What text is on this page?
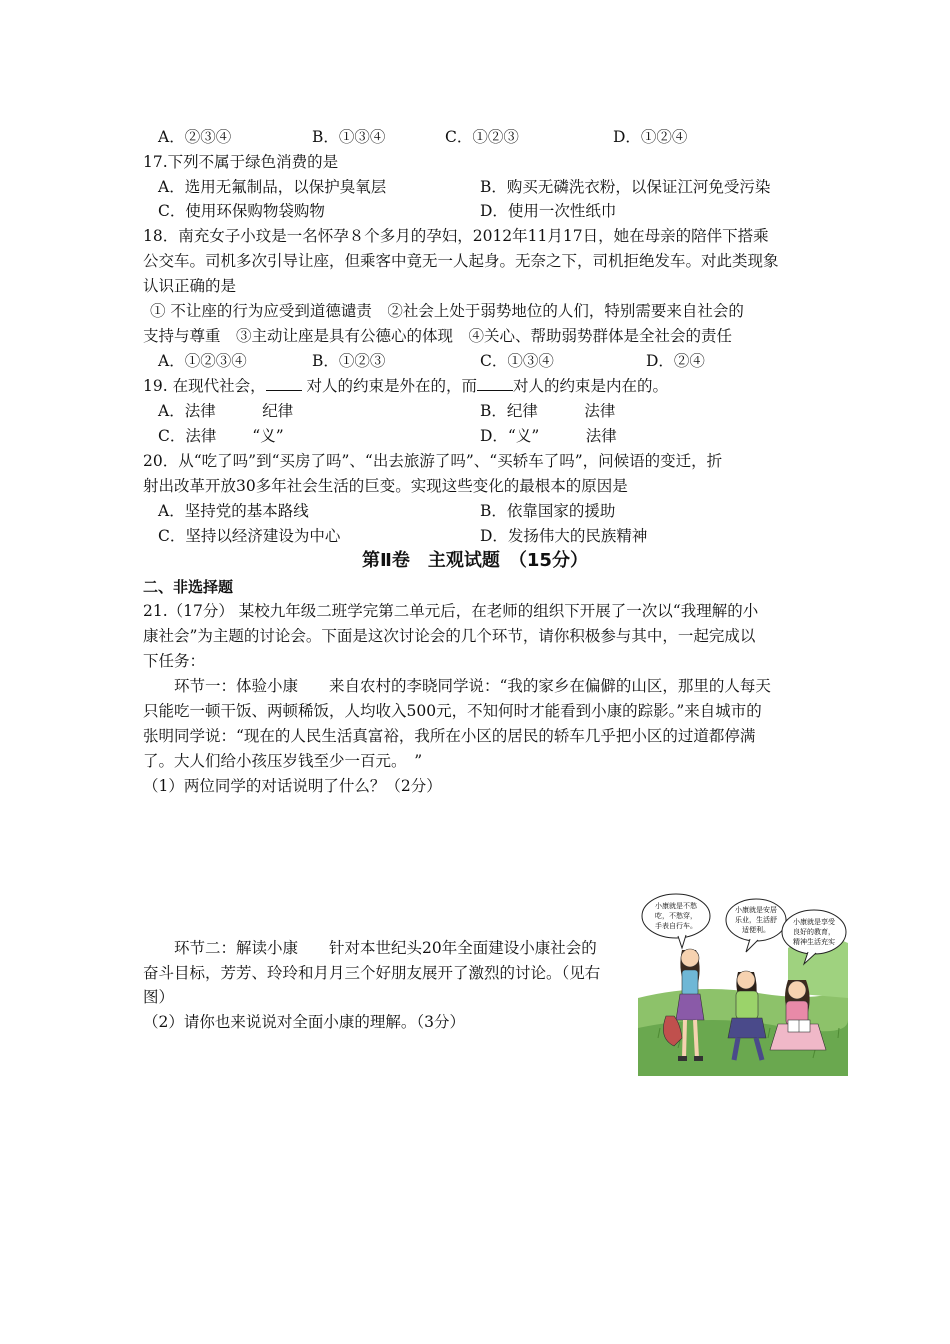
A．②③④	B．①③④	C．①②③	D．①②④
17.下列不属于绿色消费的是
A．选用无氟制品，以保护臭氧层	B．购买无磷洗衣粉，以保证江河免受污染
C．使用环保购物袋购物	D．使用一次性纸巾
18．南充女子小玟是一名怀孕８个多月的孕妇，2012年11月17日，她在母亲的陪伴下搭乘
公交车。司机多次引导让座，但乘客中竟无一人起身。无奈之下，司机拒绝发车。对此类现象
认识正确的是
① 不让座的行为应受到道德谴责　②社会上处于弱势地位的人们，特别需要来自社会的
支持与尊重　③主动让座是具有公德心的体现　④关心、帮助弱势群体是全社会的责任
A．①②③④	B．①②③	C．①③④	D．②④
19. 在现代社会， 对人的约束是外在的，而 对人的约束是内在的。
A．法律　　　纪律	B．纪律　　　法律
C．法律　　 “义”	D．“义”　　　法律
20．从“吃了吗”到“买房了吗”、“出去旅游了吗”、“买轿车了吗”，问候语的变迁，折
射出改革开放30多年社会生活的巨变。实现这些变化的最根本的原因是
A．坚持党的基本路线	B．依靠国家的援助
C．坚持以经济建设为中心	D．发扬伟大的民族精神
第Ⅱ卷　主观试题　（15分）
二、非选择题
21.（17分） 某校九年级二班学完第二单元后，在老师的组织下开展了一次以“我理解的小
康社会”为主题的讨论会。下面是这次讨论会的几个环节，请你积极参与其中，一起完成以
下任务：
环节一：体验小康　　来自农村的李晓同学说：“我的家乡在偏僻的山区，那里的人每天
只能吃一顿干饭、两顿稀饭，人均收入500元，不知何时才能看到小康的踪影。”来自城市的
张明同学说：“现在的人民生活真富裕，我所在小区的居民的轿车几乎把小区的过道都停满
了。大人们给小孩压岁钱至少一百元。　”
（1）两位同学的对话说明了什么？（2分）
环节二：解读小康　　针对本世纪头20年全面建设小康社会的
奋斗目标，芳芳、玲玲和月月三个好朋友展开了激烈的讨论。（见右
图）
（2）请你也来说说对全面小康的理解。（3分）
小康就是不愁
吃，不愁穿，
手表自行车。
小康就是安居
乐业，生活舒
适便利。
小康就是享受
良好的教育，
精神生活充实
